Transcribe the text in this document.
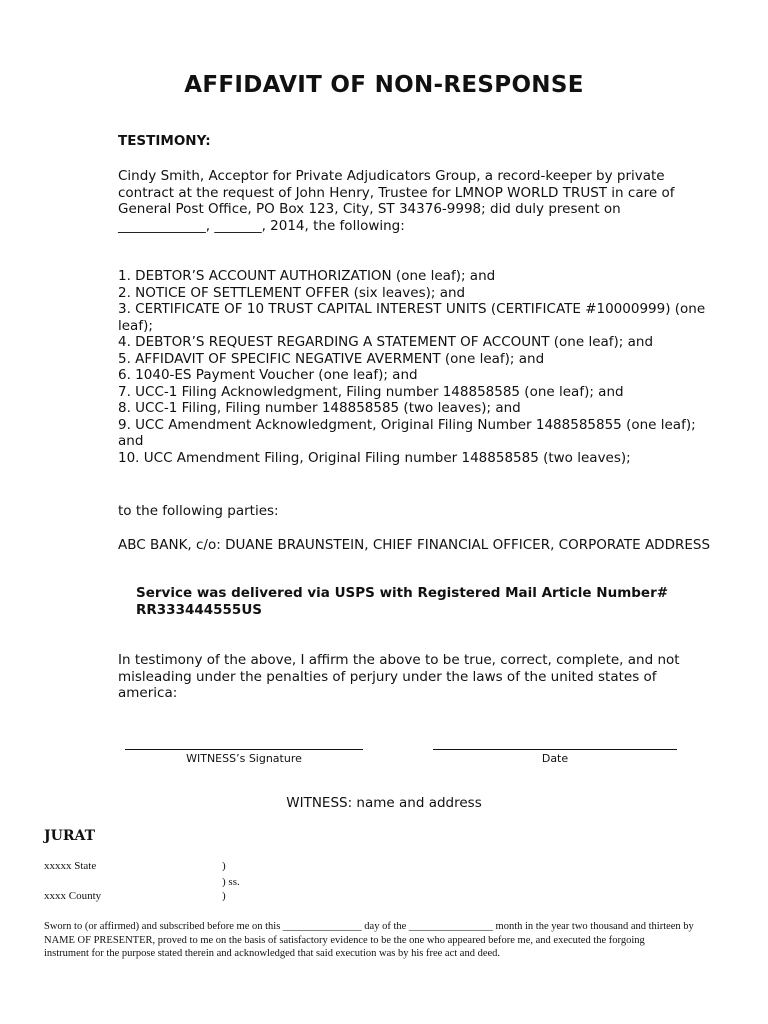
AFFIDAVIT OF NON-RESPONSE
TESTIMONY:
Cindy Smith, Acceptor for Private Adjudicators Group, a record-keeper by private
contract at the request of John Henry, Trustee for LMNOP WORLD TRUST in care of
General Post Office, PO Box 123, City, ST 34376-9998; did duly present on
_____________, _______, 2014, the following:
1. DEBTOR’S ACCOUNT AUTHORIZATION (one leaf); and
2. NOTICE OF SETTLEMENT OFFER (six leaves); and
3. CERTIFICATE OF 10 TRUST CAPITAL INTEREST UNITS (CERTIFICATE #10000999) (one
leaf);
4. DEBTOR’S REQUEST REGARDING A STATEMENT OF ACCOUNT (one leaf); and
5. AFFIDAVIT OF SPECIFIC NEGATIVE AVERMENT (one leaf); and
6. 1040-ES Payment Voucher (one leaf); and
7. UCC-1 Filing Acknowledgment, Filing number 148858585 (one leaf); and
8. UCC-1 Filing, Filing number 148858585 (two leaves); and
9. UCC Amendment Acknowledgment, Original Filing Number 1488585855 (one leaf);
and
10. UCC Amendment Filing, Original Filing number 148858585 (two leaves);
to the following parties:
ABC BANK, c/o: DUANE BRAUNSTEIN, CHIEF FINANCIAL OFFICER, CORPORATE ADDRESS
Service was delivered via USPS with Registered Mail Article Number#
RR333444555US
In testimony of the above, I affirm the above to be true, correct, complete, and not
misleading under the penalties of perjury under the laws of the united states of
america:
WITNESS’s Signature	Date
WITNESS: name and address
JURAT
xxxxx State	)
) ss.
xxxx County	)
Sworn to (or affirmed) and subscribed before me on this _______________ day of the ________________ month in the year two thousand and thirteen by
NAME OF PRESENTER, proved to me on the basis of satisfactory evidence to be the one who appeared before me, and executed the forgoing
instrument for the purpose stated therein and acknowledged that said execution was by his free act and deed.
